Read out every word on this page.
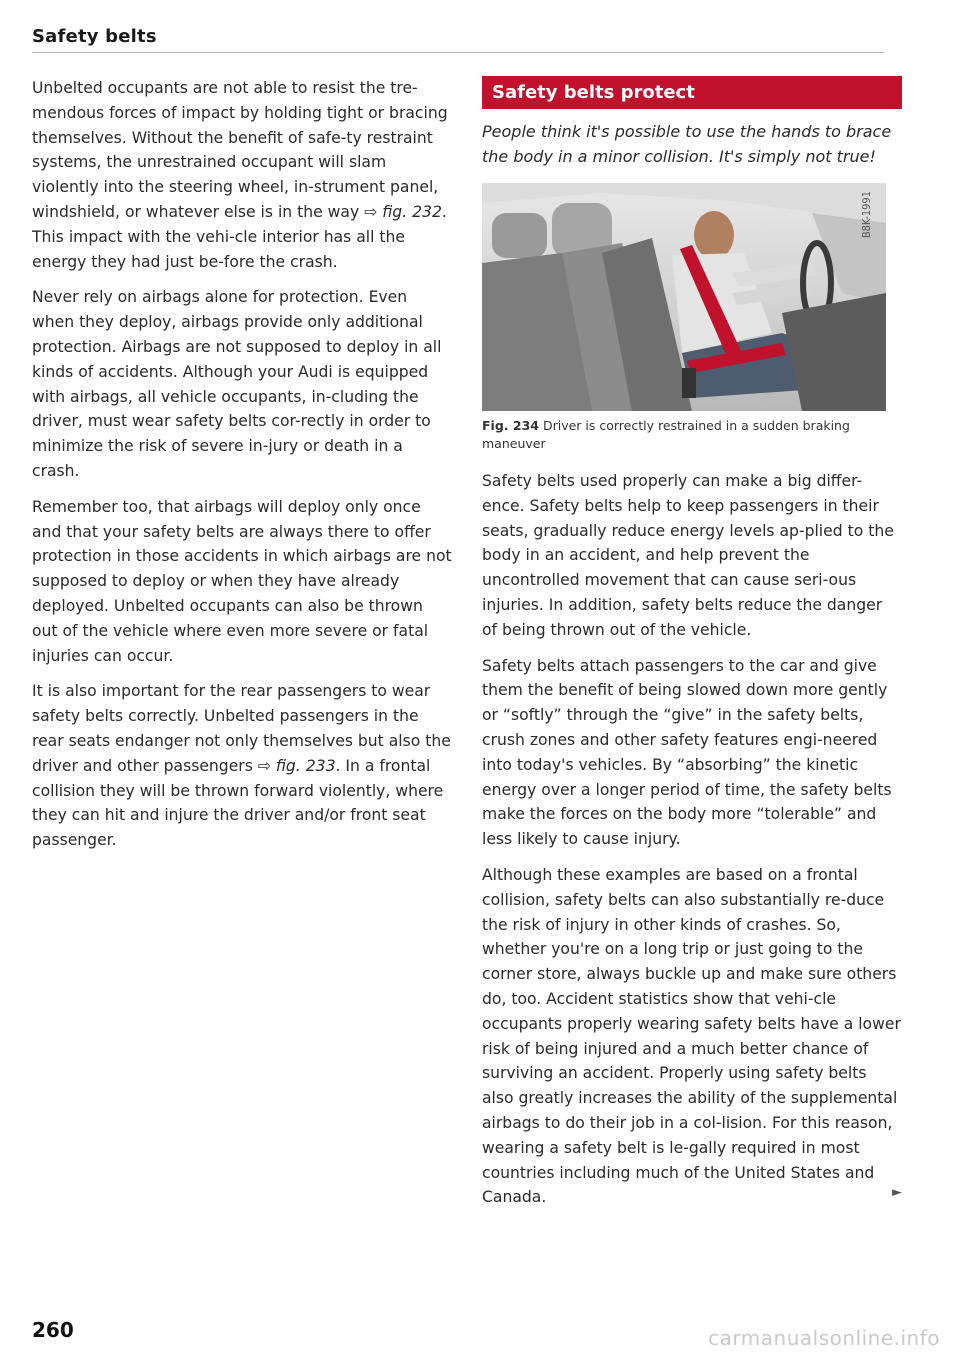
Safety belts

Unbelted occupants are not able to resist the tre-mendous forces of impact by holding tight or bracing themselves. Without the benefit of safe-ty restraint systems, the unrestrained occupant will slam violently into the steering wheel, in-strument panel, windshield, or whatever else is in the way ⇨ fig. 232. This impact with the vehi-cle interior has all the energy they had just be-fore the crash.

Never rely on airbags alone for protection. Even when they deploy, airbags provide only additional protection. Airbags are not supposed to deploy in all kinds of accidents. Although your Audi is equipped with airbags, all vehicle occupants, in-cluding the driver, must wear safety belts cor-rectly in order to minimize the risk of severe in-jury or death in a crash.

Remember too, that airbags will deploy only once and that your safety belts are always there to offer protection in those accidents in which airbags are not supposed to deploy or when they have already deployed. Unbelted occupants can also be thrown out of the vehicle where even more severe or fatal injuries can occur.

It is also important for the rear passengers to wear safety belts correctly. Unbelted passengers in the rear seats endanger not only themselves but also the driver and other passengers ⇨ fig. 233. In a frontal collision they will be thrown forward violently, where they can hit and injure the driver and/or front seat passenger.

Safety belts protect

People think it's possible to use the hands to brace the body in a minor collision. It's simply not true!

B8K-1991

Fig. 234 Driver is correctly restrained in a sudden braking maneuver

Safety belts used properly can make a big differ-ence. Safety belts help to keep passengers in their seats, gradually reduce energy levels ap-plied to the body in an accident, and help prevent the uncontrolled movement that can cause seri-ous injuries. In addition, safety belts reduce the danger of being thrown out of the vehicle.

Safety belts attach passengers to the car and give them the benefit of being slowed down more gently or “softly” through the “give” in the safety belts, crush zones and other safety features engi-neered into today's vehicles. By “absorbing” the kinetic energy over a longer period of time, the safety belts make the forces on the body more “tolerable” and less likely to cause injury.

Although these examples are based on a frontal collision, safety belts can also substantially re-duce the risk of injury in other kinds of crashes. So, whether you're on a long trip or just going to the corner store, always buckle up and make sure others do, too. Accident statistics show that vehi-cle occupants properly wearing safety belts have a lower risk of being injured and a much better chance of surviving an accident. Properly using safety belts also greatly increases the ability of the supplemental airbags to do their job in a col-lision. For this reason, wearing a safety belt is le-gally required in most countries including much of the United States and Canada.	►

260	carmanualsonline.info
